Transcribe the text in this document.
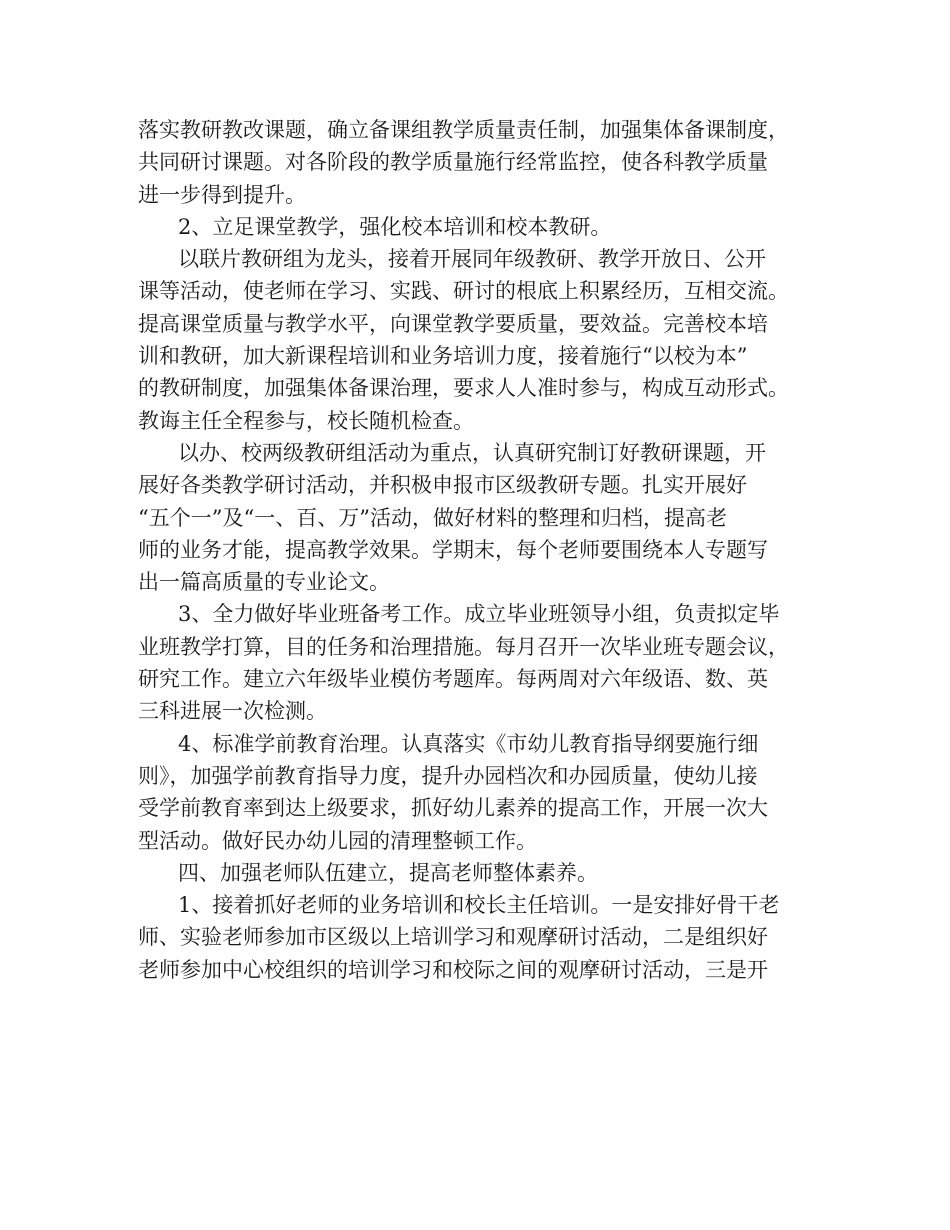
落实教研教改课题，确立备课组教学质量责任制，加强集体备课制度，
共同研讨课题。对各阶段的教学质量施行经常监控，使各科教学质量
进一步得到提升。
2、立足课堂教学，强化校本培训和校本教研。
以联片教研组为龙头，接着开展同年级教研、教学开放日、公开
课等活动，使老师在学习、实践、研讨的根底上积累经历，互相交流。
提高课堂质量与教学水平，向课堂教学要质量，要效益。完善校本培
训和教研，加大新课程培训和业务培训力度，接着施行“以校为本”
的教研制度，加强集体备课治理，要求人人准时参与，构成互动形式。
教诲主任全程参与，校长随机检查。
以办、校两级教研组活动为重点，认真研究制订好教研课题，开
展好各类教学研讨活动，并积极申报市区级教研专题。扎实开展好
“五个一”及“一、百、万”活动，做好材料的整理和归档，提高老
师的业务才能，提高教学效果。学期末，每个老师要围绕本人专题写
出一篇高质量的专业论文。
3、全力做好毕业班备考工作。成立毕业班领导小组，负责拟定毕
业班教学打算，目的任务和治理措施。每月召开一次毕业班专题会议，
研究工作。建立六年级毕业模仿考题库。每两周对六年级语、数、英
三科进展一次检测。
4、标准学前教育治理。认真落实《市幼儿教育指导纲要施行细
则》，加强学前教育指导力度，提升办园档次和办园质量，使幼儿接
受学前教育率到达上级要求，抓好幼儿素养的提高工作，开展一次大
型活动。做好民办幼儿园的清理整顿工作。
四、加强老师队伍建立，提高老师整体素养。
1、接着抓好老师的业务培训和校长主任培训。一是安排好骨干老
师、实验老师参加市区级以上培训学习和观摩研讨活动，二是组织好
老师参加中心校组织的培训学习和校际之间的观摩研讨活动，三是开
